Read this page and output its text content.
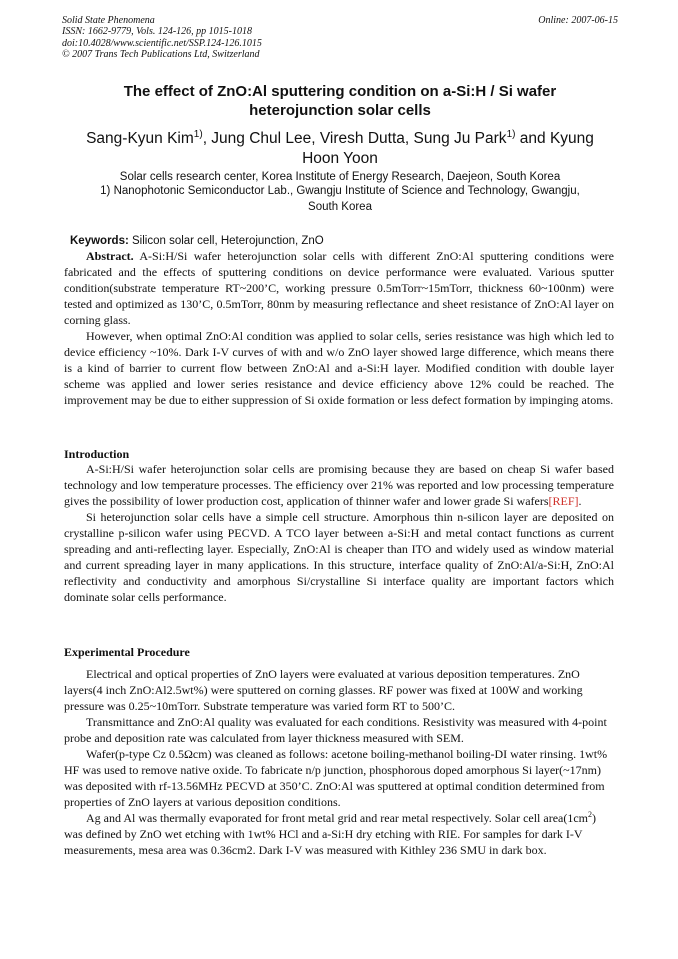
Solid State Phenomena
ISSN: 1662-9779, Vols. 124-126, pp 1015-1018
doi:10.4028/www.scientific.net/SSP.124-126.1015
© 2007 Trans Tech Publications Ltd, Switzerland
Online: 2007-06-15
The effect of ZnO:Al sputtering condition on a-Si:H / Si wafer
heterojunction solar cells
Sang-Kyun Kim$^{1)}$, Jung Chul Lee, Viresh Dutta, Sung Ju Park$^{1)}$ and Kyung
Hoon Yoon
Solar cells research center, Korea Institute of Energy Research, Daejeon, South Korea
1) Nanophotonic Semiconductor Lab., Gwangju Institute of Science and Technology, Gwangju,
South Korea
Keywords: Silicon solar cell, Heterojunction, ZnO

Abstract. A-Si:H/Si wafer heterojunction solar cells with different ZnO:Al sputtering conditions were fabricated and the effects of sputtering conditions on device performance were evaluated. Various sputter condition(substrate temperature RT~200’C, working pressure 0.5mTorr~15mTorr, thickness 60~100nm) were tested and optimized as 130’C, 0.5mTorr, 80nm by measuring reflectance and sheet resistance of ZnO:Al layer on corning glass.

However, when optimal ZnO:Al condition was applied to solar cells, series resistance was high which led to device efficiency ~10%. Dark I-V curves of with and w/o ZnO layer showed large difference, which means there is a kind of barrier to current flow between ZnO:Al and a-Si:H layer. Modified condition with double layer scheme was applied and lower series resistance and device efficiency above 12% could be reached. The improvement may be due to either suppression of Si oxide formation or less defect formation by impinging atoms.

Introduction

A-Si:H/Si wafer heterojunction solar cells are promising because they are based on cheap Si wafer based technology and low temperature processes. The efficiency over 21% was reported and low processing temperature gives the possibility of lower production cost, application of thinner wafer and lower grade Si wafers[REF].

Si heterojunction solar cells have a simple cell structure. Amorphous thin n-silicon layer are deposited on crystalline p-silicon wafer using PECVD. A TCO layer between a-Si:H and metal contact functions as current spreading and anti-reflecting layer. Especially, ZnO:Al is cheaper than ITO and widely used as window material and current spreading layer in many applications. In this structure, interface quality of ZnO:Al/a-Si:H, ZnO:Al reflectivity and conductivity and amorphous Si/crystalline Si interface quality are important factors which dominate solar cells performance.

Experimental Procedure

Electrical and optical properties of ZnO layers were evaluated at various deposition temperatures. ZnO layers(4 inch ZnO:Al2.5wt%) were sputtered on corning glasses. RF power was fixed at 100W and working pressure was 0.25~10mTorr. Substrate temperature was varied form RT to 500’C.

Transmittance and ZnO:Al quality was evaluated for each conditions. Resistivity was measured with 4-point probe and deposition rate was calculated from layer thickness measured with SEM.

Wafer(p-type Cz 0.5Ωcm) was cleaned as follows: acetone boiling-methanol boiling-DI water rinsing. 1wt% HF was used to remove native oxide. To fabricate n/p junction, phosphorous doped amorphous Si layer(~17nm) was deposited with rf-13.56MHz PECVD at 350’C. ZnO:Al was sputtered at optimal condition determined from properties of ZnO layers at various deposition conditions.

Ag and Al was thermally evaporated for front metal grid and rear metal respectively. Solar cell $area(1cm^2)$ was defined by ZnO wet etching with 1wt% HCl and a-Si:H dry etching with RIE. For samples for dark I-V measurements, mesa area was 0.36cm2. Dark I-V was measured with Kithley 236 SMU in dark box.
